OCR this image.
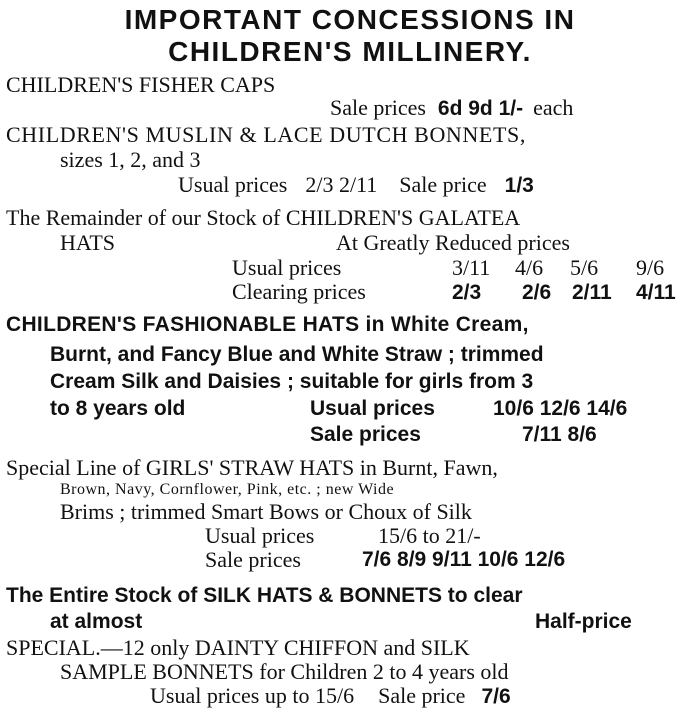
IMPORTANT CONCESSIONS IN
CHILDREN'S MILLINERY.
CHILDREN'S FISHER CAPS
Sale prices 6d 9d 1/- each
CHILDREN'S MUSLIN & LACE DUTCH BONNETS,
sizes 1, 2, and 3
Usual prices 2/3 2/11 Sale price 1/3
The Remainder of our Stock of CHILDREN'S GALATEA
HATS	At Greatly Reduced prices
Usual prices	3/11 4/6 5/6 9/6
Clearing prices	2/3 2/6 2/11 4/11
CHILDREN'S FASHIONABLE HATS in White Cream,
Burnt, and Fancy Blue and White Straw ; trimmed
Cream Silk and Daisies ; suitable for girls from 3
to 8 years old	Usual prices	10/6 12/6 14/6
Sale prices	7/11 8/6
Special Line of GIRLS' STRAW HATS in Burnt, Fawn,
Brown, Navy, Cornflower, Pink, etc. ; new Wide
Brims ; trimmed Smart Bows or Choux of Silk
Usual prices	15/6 to 21/-
Sale prices	7/6 8/9 9/11 10/6 12/6
The Entire Stock of SILK HATS & BONNETS to clear
at almost	Half-price
SPECIAL.—12 only DAINTY CHIFFON and SILK
SAMPLE BONNETS for Children 2 to 4 years old
Usual prices up to 15/6 Sale price 7/6
